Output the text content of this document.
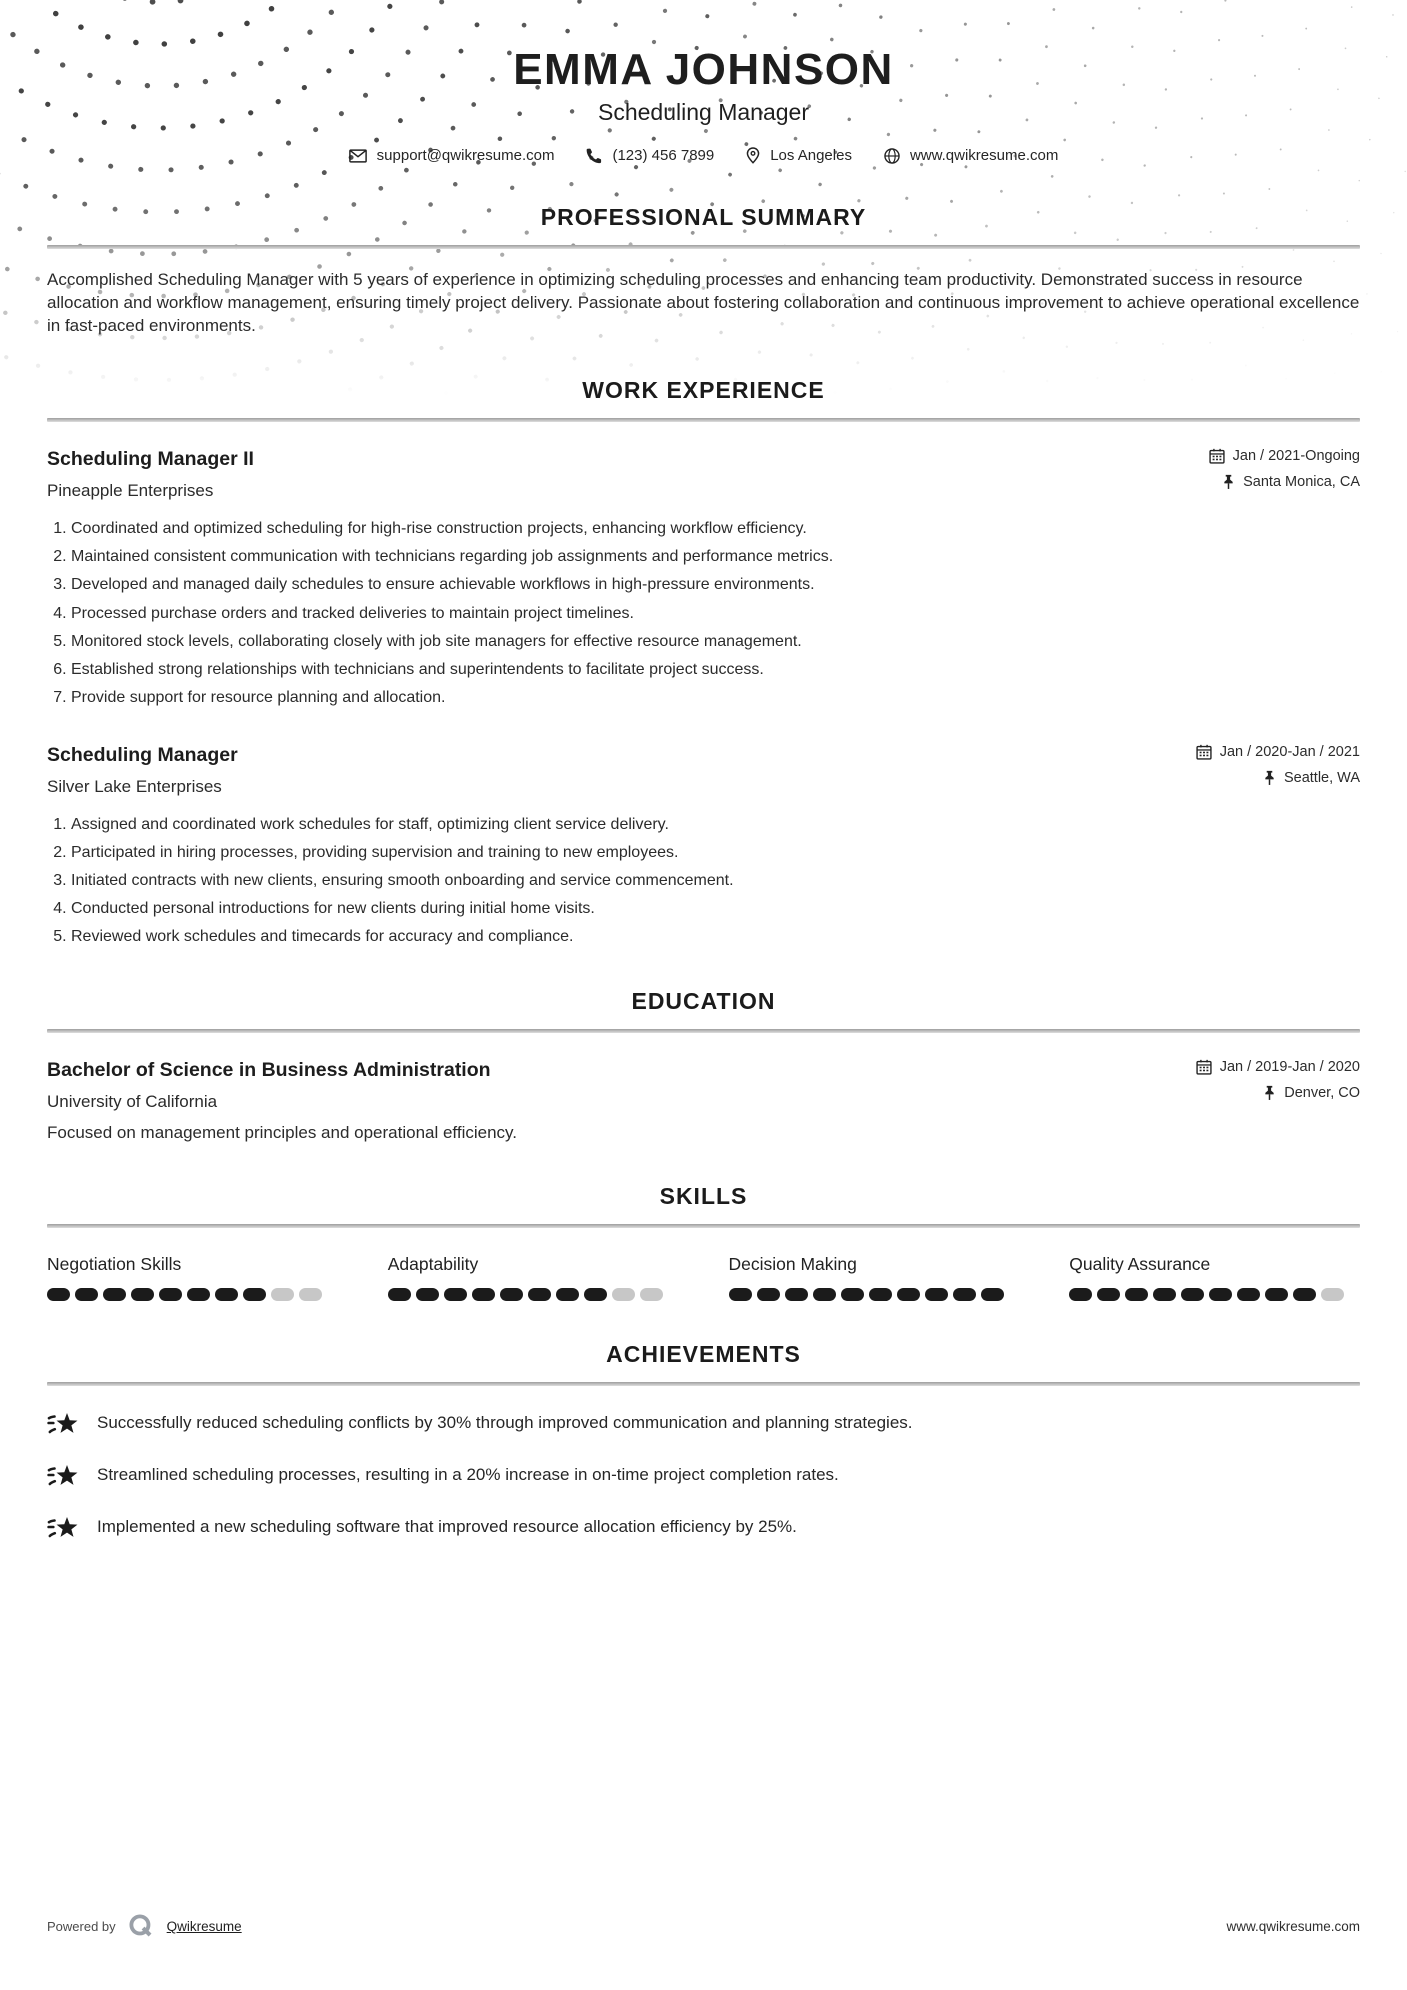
EMMA JOHNSON
Scheduling Manager
support@qwikresume.com	(123) 456 7899	Los Angeles	www.qwikresume.com
PROFESSIONAL SUMMARY
Accomplished Scheduling Manager with 5 years of experience in optimizing scheduling processes and enhancing team productivity. Demonstrated success in resource allocation and workflow management, ensuring timely project delivery. Passionate about fostering collaboration and continuous improvement to achieve operational excellence in fast-paced environments.
WORK EXPERIENCE
Scheduling Manager II
Pineapple Enterprises
Jan / 2021-Ongoing
Santa Monica, CA
1. Coordinated and optimized scheduling for high-rise construction projects, enhancing workflow efficiency.
2. Maintained consistent communication with technicians regarding job assignments and performance metrics.
3. Developed and managed daily schedules to ensure achievable workflows in high-pressure environments.
4. Processed purchase orders and tracked deliveries to maintain project timelines.
5. Monitored stock levels, collaborating closely with job site managers for effective resource management.
6. Established strong relationships with technicians and superintendents to facilitate project success.
7. Provide support for resource planning and allocation.
Scheduling Manager
Silver Lake Enterprises
Jan / 2020-Jan / 2021
Seattle, WA
1. Assigned and coordinated work schedules for staff, optimizing client service delivery.
2. Participated in hiring processes, providing supervision and training to new employees.
3. Initiated contracts with new clients, ensuring smooth onboarding and service commencement.
4. Conducted personal introductions for new clients during initial home visits.
5. Reviewed work schedules and timecards for accuracy and compliance.
EDUCATION
Bachelor of Science in Business Administration
University of California
Jan / 2019-Jan / 2020
Denver, CO
Focused on management principles and operational efficiency.
SKILLS
Negotiation Skills	Adaptability	Decision Making	Quality Assurance
ACHIEVEMENTS
Successfully reduced scheduling conflicts by 30% through improved communication and planning strategies.
Streamlined scheduling processes, resulting in a 20% increase in on-time project completion rates.
Implemented a new scheduling software that improved resource allocation efficiency by 25%.
Powered by	Qwikresume	www.qwikresume.com
